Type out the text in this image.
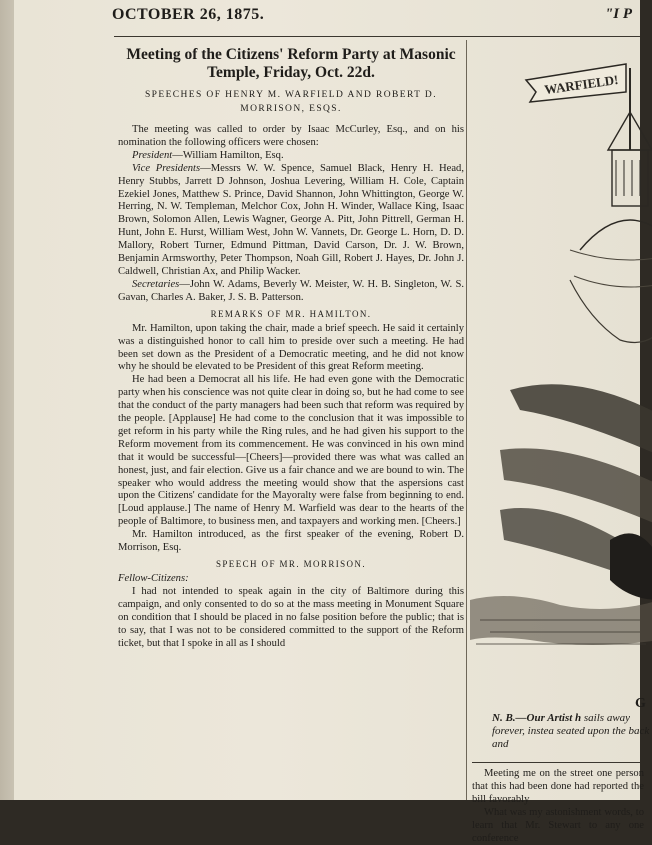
OCTOBER 26, 1875.	"I P
Meeting of the Citizens' Reform Party at Masonic Temple, Friday, Oct. 22d.
SPEECHES OF HENRY M. WARFIELD AND ROBERT D. MORRISON, ESQS.

The meeting was called to order by Isaac McCurley, Esq., and on his nomination the following officers were chosen:

President—William Hamilton, Esq.

Vice Presidents—Messrs W. W. Spence, Samuel Black, Henry H. Head, Henry Stubbs, Jarrett D Johnson, Joshua Levering, William H. Cole, Captain Ezekiel Jones, Matthew S. Prince, David Shannon, John Whittington, George W. Herring, N. W. Templeman, Melchor Cox, John H. Winder, Wallace King, Isaac Brown, Solomon Allen, Lewis Wagner, George A. Pitt, John Pittrell, German H. Hunt, John E. Hurst, William West, John W. Vannets, Dr. George L. Horn, D. D. Mallory, Robert Turner, Edmund Pittman, David Carson, Dr. J. W. Brown, Benjamin Armsworthy, Peter Thompson, Noah Gill, Robert J. Hayes, Dr. John J. Caldwell, Christian Ax, and Philip Wacker.

Secretaries—John W. Adams, Beverly W. Meister, W. H. B. Singleton, W. S. Gavan, Charles A. Baker, J. S. B. Patterson.

REMARKS OF MR. HAMILTON.

Mr. Hamilton, upon taking the chair, made a brief speech. He said it certainly was a distinguished honor to call him to preside over such a meeting. He had been set down as the President of a Democratic meeting, and he did not know why he should be elevated to be President of this great Reform meeting.

He had been a Democrat all his life. He had even gone with the Democratic party when his conscience was not quite clear in doing so, but he had come to see that the conduct of the party managers had been such that reform was required by the people. [Applause] He had come to the conclusion that it was impossible to get reform in his party while the Ring rules, and he had given his support to the Reform movement from its commencement. He was convinced in his own mind that it would be successful—[Cheers]—provided there was what was called an honest, just, and fair election. Give us a fair chance and we are bound to win. The speaker who would address the meeting would show that the aspersions cast upon the Citizens' candidate for the Mayoralty were false from beginning to end. [Loud applause.] The name of Henry M. Warfield was dear to the hearts of the people of Baltimore, to business men, and taxpayers and working men. [Cheers.]

Mr. Hamilton introduced, as the first speaker of the evening, Robert D. Morrison, Esq.

SPEECH OF MR. MORRISON.

Fellow-Citizens:

I had not intended to speak again in the city of Baltimore during this campaign, and only consented to do so at the mass meeting in Monument Square on condition that I should be placed in no false position before the public; that is to say, that I was not to be considered committed to the support of the Reform ticket, but that I spoke in all as I should

WARFIELD!
G
N. B.—Our Artist h sails away forever, instea seated upon the back and

Meeting me on the street one person that this had been done had reported the bill favorably

What was my astonishment words, to learn that Mr. Stewart to any one conference
